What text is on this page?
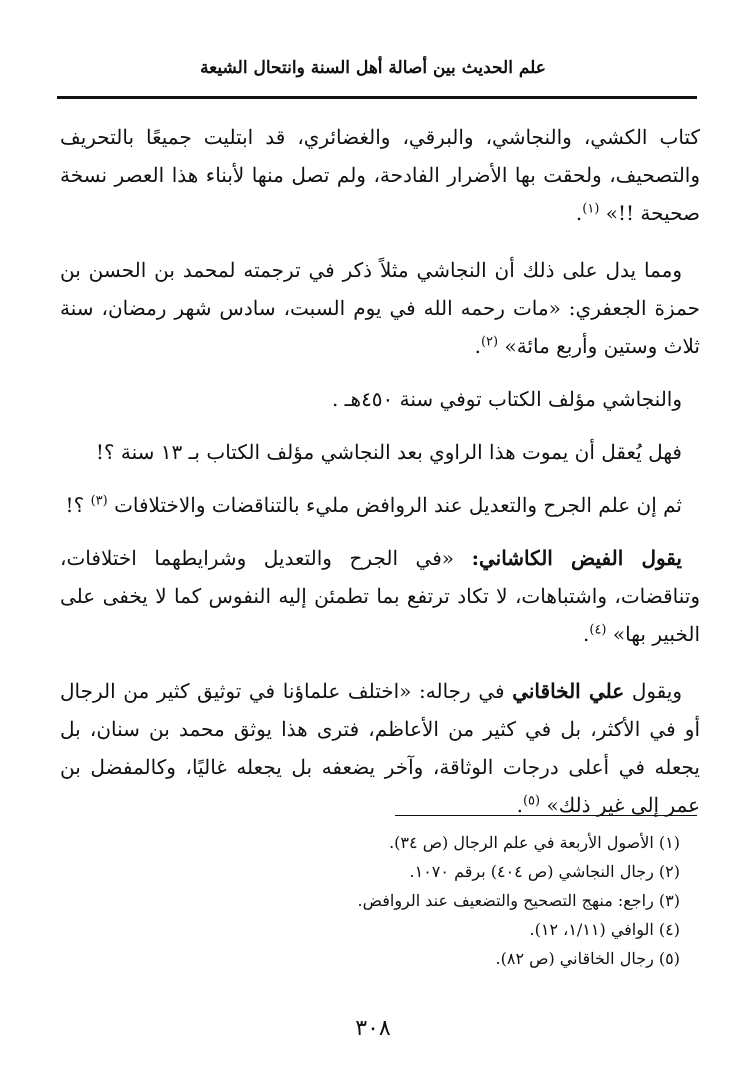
علم الحديث بين أصالة أهل السنة وانتحال الشيعة

كتاب الكشي، والنجاشي، والبرقي، والغضائري، قد ابتليت جميعًا بالتحريف والتصحيف، ولحقت بها الأضرار الفادحة، ولم تصل منها لأبناء هذا العصر نسخة صحيحة !!» $^{(١)}$.

ومما يدل على ذلك أن النجاشي مثلاً ذكر في ترجمته لمحمد بن الحسن بن حمزة الجعفري: «مات رحمه الله في يوم السبت، سادس شهر رمضان، سنة ثلاث وستين وأربع مائة» $^{(٢)}$.

والنجاشي مؤلف الكتاب توفي سنة ٤٥٠هـ .

فهل يُعقل أن يموت هذا الراوي بعد النجاشي مؤلف الكتاب بـ ١٣ سنة ؟!

ثم إن علم الجرح والتعديل عند الروافض مليء بالتناقضات والاختلافات $^{(٣)}$ ؟!

يقول الفيض الكاشاني: «في الجرح والتعديل وشرايطهما اختلافات، وتناقضات، واشتباهات، لا تكاد ترتفع بما تطمئن إليه النفوس كما لا يخفى على الخبير بها» $^{(٤)}$.

ويقول علي الخاقاني في رجاله: «اختلف علماؤنا في توثيق كثير من الرجال أو في الأكثر، بل في كثير من الأعاظم، فترى هذا يوثق محمد بن سنان، بل يجعله في أعلى درجات الوثاقة، وآخر يضعفه بل يجعله غاليًا، وكالمفضل بن عمر إلى غير ذلك» $^{(٥)}$.

(١) الأصول الأربعة في علم الرجال (ص ٣٤).
(٢) رجال النجاشي (ص ٤٠٤) برقم ١٠٧٠.
(٣) راجع: منهج التصحيح والتضعيف عند الروافض.
(٤) الوافي (١/١١، ١٢).
(٥) رجال الخاقاني (ص ٨٢).
٣٠٨
